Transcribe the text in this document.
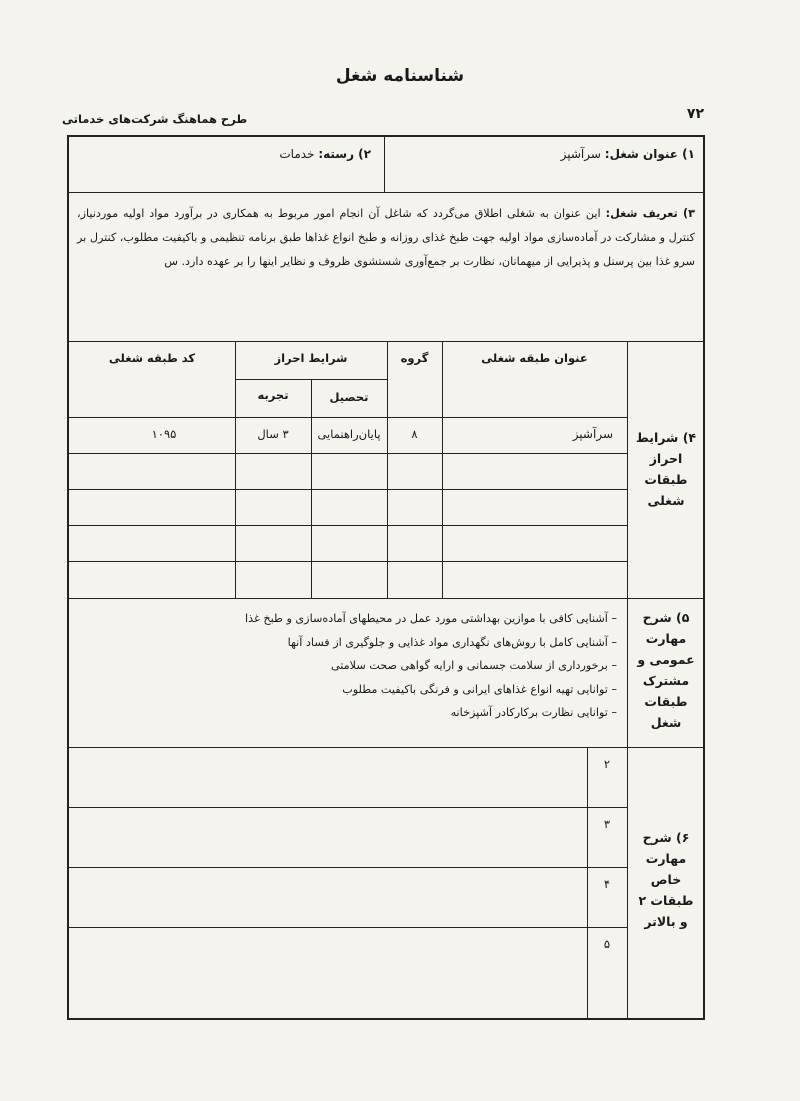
شناسنامه شغل
۷۲
طرح هماهنگ شرکت‌های خدماتی
۱) عنوان شغل: سرآشپز
۲) رسته: خدمات
۳) تعریف شغل: این عنوان به شغلی اطلاق می‌گردد که شاغل آن انجام امور مربوط به همکاری در برآورد مواد اولیه موردنیاز، کنترل و مشارکت در آماده‌سازی مواد اولیه جهت طبخ غذای روزانه و طبخ انواع غذاها طبق برنامه تنظیمی و باکیفیت مطلوب، کنترل بر سرو غذا بین پرسنل و پذیرایی از میهمانان، نظارت بر جمع‌آوری شستشوی ظروف و نظایر اینها را بر عهده دارد. س
۴) شرایط
احراز
طبقات
شغلی
عنوان طبقه شغلی
گروه
شرایط احراز
تحصیل
تجربه
کد طبقه شغلی
سرآشپز
۸
پایان‌راهنمایی
۳ سال
۱۰۹۵
۵) شرح
مهارت
عمومی و
مشترک
طبقات
شغل
– آشنایی کافی با موازین بهداشتی مورد عمل در محیطهای آماده‌سازی و طبخ غذا
– آشنایی کامل با روش‌های نگهداری مواد غذایی و جلوگیری از فساد آنها
– برخورداری از سلامت جسمانی و ارایه گواهی صحت سلامتی
– توانایی تهیه انواع غذاهای ایرانی و فرنگی باکیفیت مطلوب
– توانایی نظارت برکارکادر آشپزخانه
۶) شرح
مهارت
خاص
طبقات ۲
و بالاتر
۲
۳
۴
۵
